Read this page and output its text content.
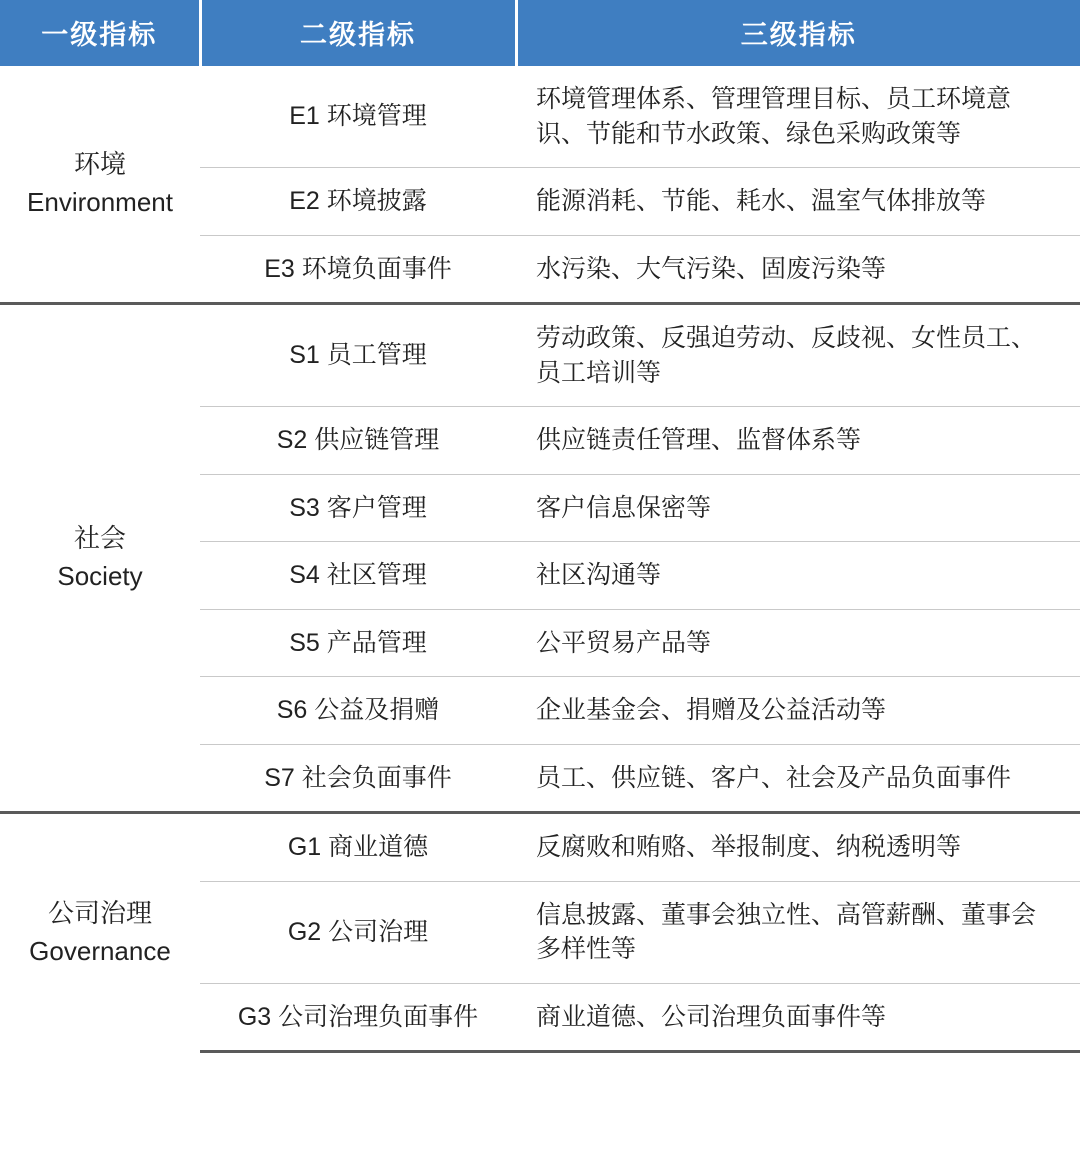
一级指标	二级指标	三级指标

环境
Environment	E1 环境管理	环境管理体系、管理管理目标、员工环境意识、节能和节水政策、绿色采购政策等
	E2 环境披露	能源消耗、节能、耗水、温室气体排放等
	E3 环境负面事件	水污染、大气污染、固废污染等

社会
Society	S1 员工管理	劳动政策、反强迫劳动、反歧视、女性员工、员工培训等
	S2 供应链管理	供应链责任管理、监督体系等
	S3 客户管理	客户信息保密等
	S4 社区管理	社区沟通等
	S5 产品管理	公平贸易产品等
	S6 公益及捐赠	企业基金会、捐赠及公益活动等
	S7 社会负面事件	员工、供应链、客户、社会及产品负面事件

公司治理
Governance	G1 商业道德	反腐败和贿赂、举报制度、纳税透明等
	G2 公司治理	信息披露、董事会独立性、高管薪酬、董事会多样性等
	G3 公司治理负面事件	商业道德、公司治理负面事件等
